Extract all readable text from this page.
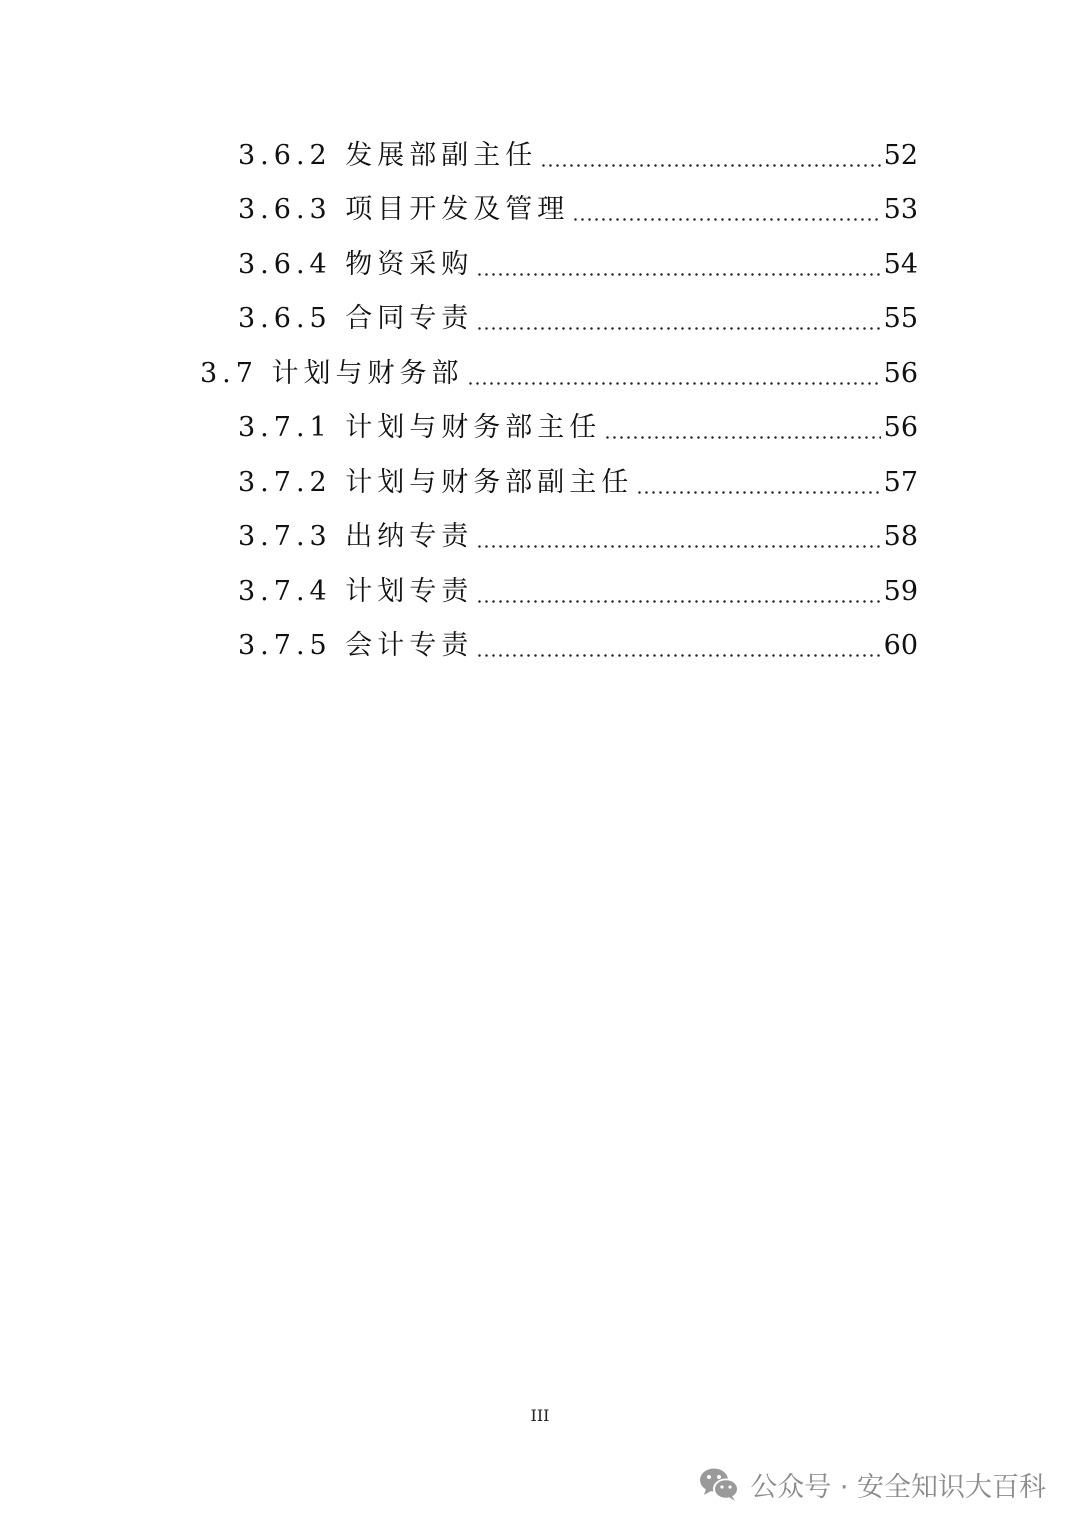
3.6.2 发展部副主任	52
3.6.3 项目开发及管理	53
3.6.4 物资采购	54
3.6.5 合同专责	55
3.7 计划与财务部	56
3.7.1 计划与财务部主任	56
3.7.2 计划与财务部副主任	57
3.7.3 出纳专责	58
3.7.4 计划专责	59
3.7.5 会计专责	60
III
公众号 · 安全知识大百科
